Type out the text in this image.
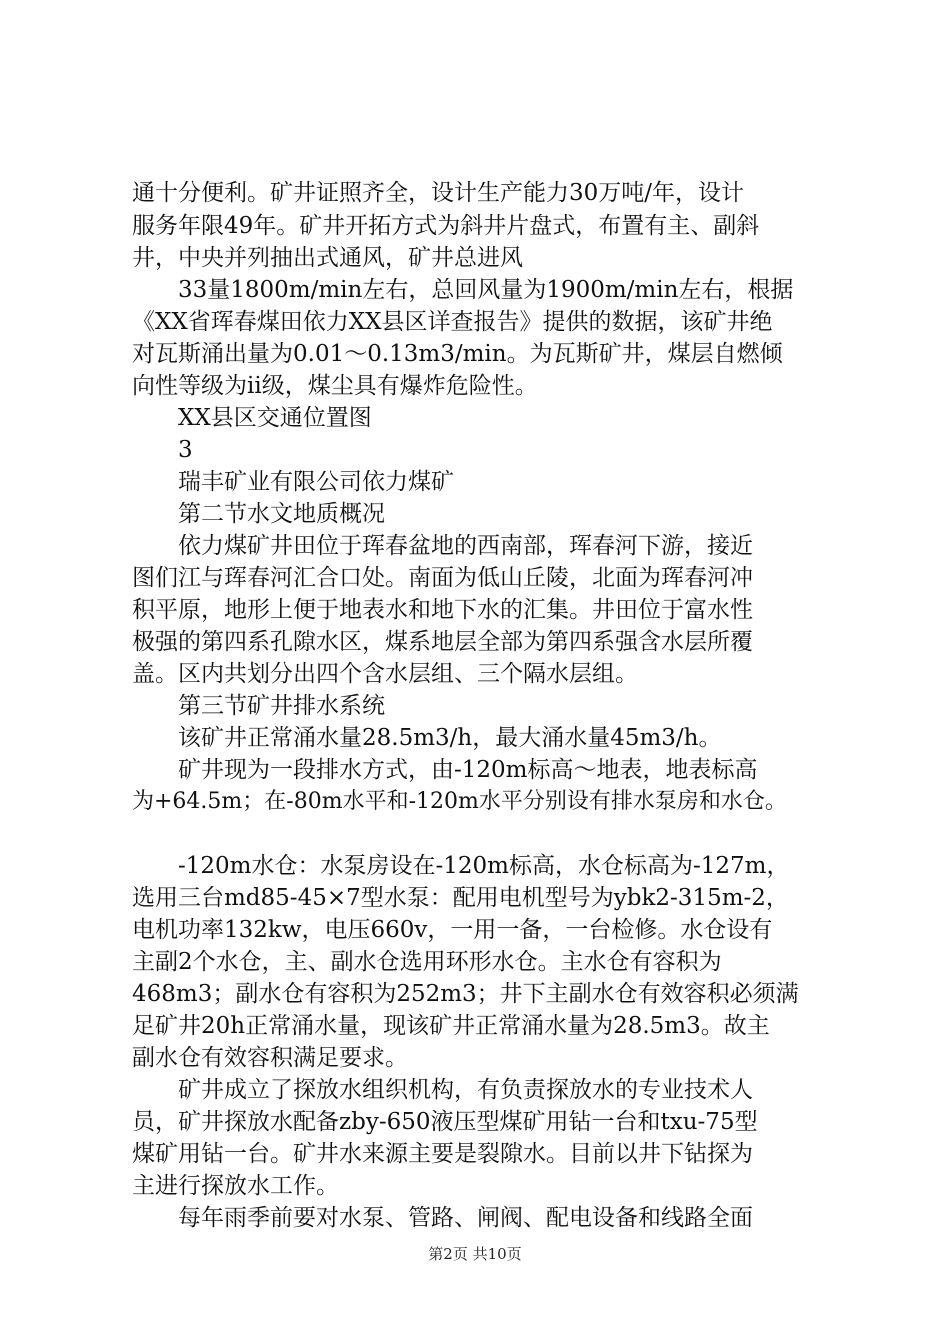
通十分便利。矿井证照齐全，设计生产能力30万吨/年，设计
服务年限49年。矿井开拓方式为斜井片盘式，布置有主、副斜
井，中央并列抽出式通风，矿井总进风
　　33量1800m/min左右，总回风量为1900m/min左右，根据
《XX省珲春煤田依力XX县区详查报告》提供的数据，该矿井绝
对瓦斯涌出量为0.01～0.13m3/min。为瓦斯矿井，煤层自燃倾
向性等级为ii级，煤尘具有爆炸危险性。
　　XX县区交通位置图
　　3
　　瑞丰矿业有限公司依力煤矿
　　第二节水文地质概况
　　依力煤矿井田位于珲春盆地的西南部，珲春河下游，接近
图们江与珲春河汇合口处。南面为低山丘陵，北面为珲春河冲
积平原，地形上便于地表水和地下水的汇集。井田位于富水性
极强的第四系孔隙水区，煤系地层全部为第四系强含水层所覆
盖。区内共划分出四个含水层组、三个隔水层组。
　　第三节矿井排水系统
　　该矿井正常涌水量28.5m3/h，最大涌水量45m3/h。
　　矿井现为一段排水方式，由-120m标高～地表，地表标高
为+64.5m；在-80m水平和-120m水平分别设有排水泵房和水仓。
　　-120m水仓：水泵房设在-120m标高，水仓标高为-127m，
选用三台md85-45×7型水泵：配用电机型号为ybk2-315m-2，
电机功率132kw，电压660v，一用一备，一台检修。水仓设有
主副2个水仓，主、副水仓选用环形水仓。主水仓有容积为
468m3；副水仓有容积为252m3；井下主副水仓有效容积必须满
足矿井20h正常涌水量，现该矿井正常涌水量为28.5m3。故主
副水仓有效容积满足要求。
　　矿井成立了探放水组织机构，有负责探放水的专业技术人
员，矿井探放水配备zby-650液压型煤矿用钻一台和txu-75型
煤矿用钻一台。矿井水来源主要是裂隙水。目前以井下钻探为
主进行探放水工作。
　　每年雨季前要对水泵、管路、闸阀、配电设备和线路全面
第2页 共10页
